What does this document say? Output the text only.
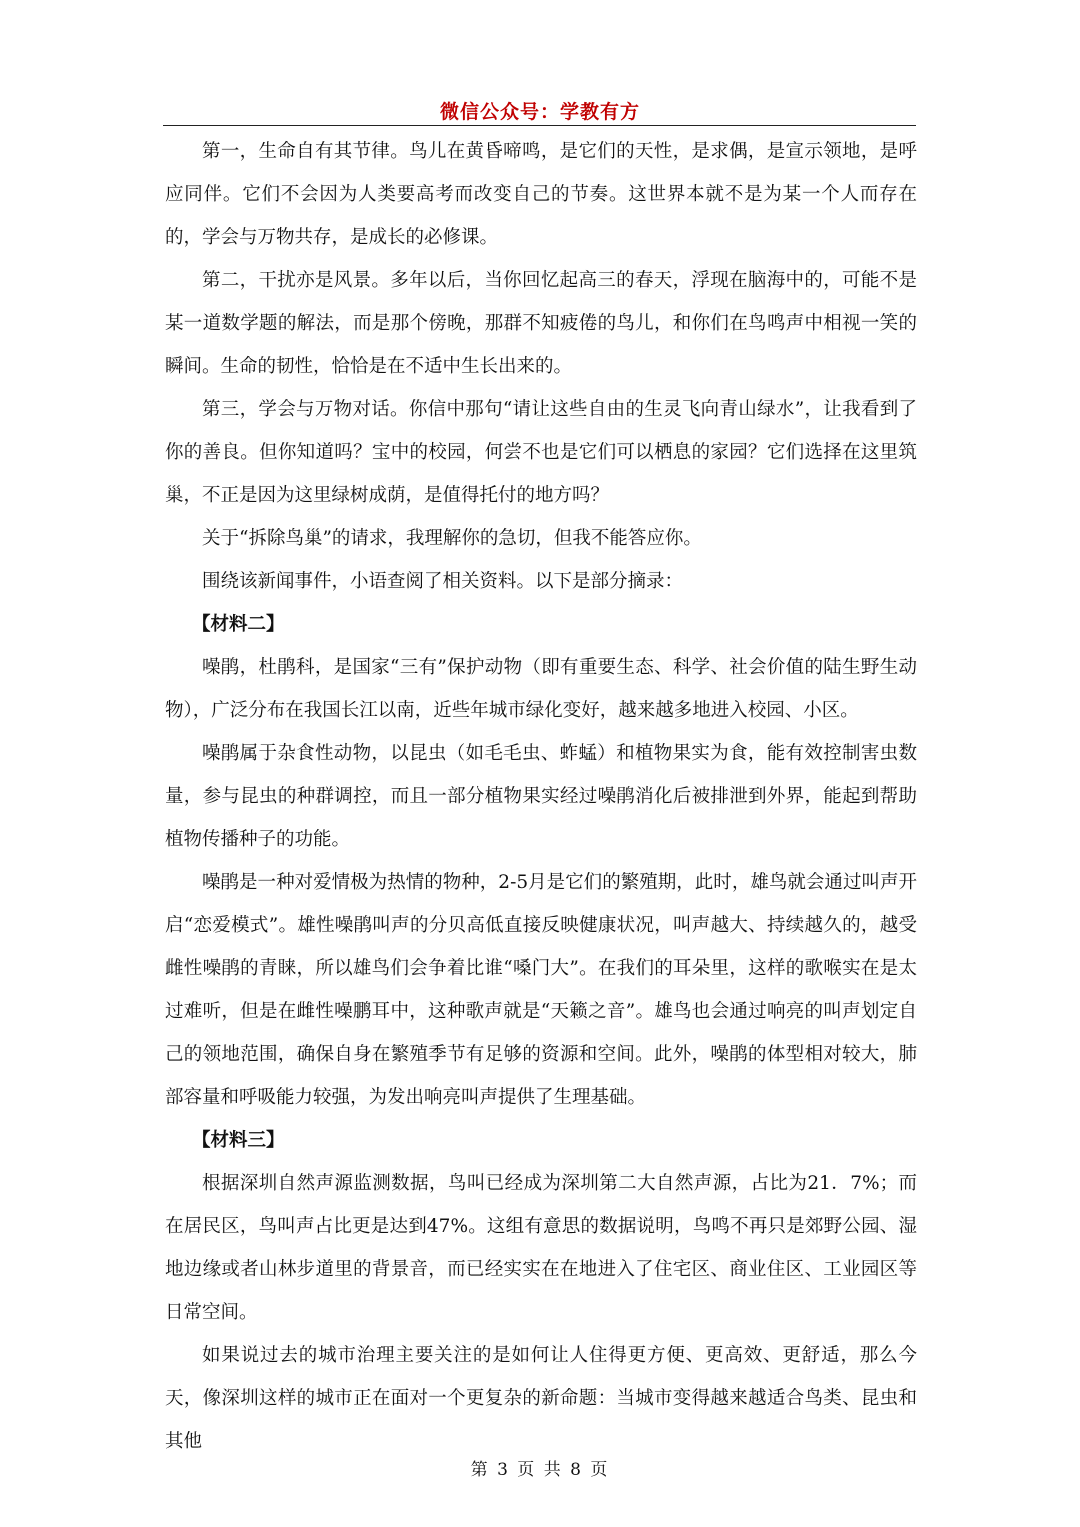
微信公众号：学教有方

第一，生命自有其节律。鸟儿在黄昏啼鸣，是它们的天性，是求偶，是宣示领地，是呼应同伴。它们不会因为人类要高考而改变自己的节奏。这世界本就不是为某一个人而存在的，学会与万物共存，是成长的必修课。

第二，干扰亦是风景。多年以后，当你回忆起高三的春天，浮现在脑海中的，可能不是某一道数学题的解法，而是那个傍晚，那群不知疲倦的鸟儿，和你们在鸟鸣声中相视一笑的瞬间。生命的韧性，恰恰是在不适中生长出来的。

第三，学会与万物对话。你信中那句“请让这些自由的生灵飞向青山绿水”，让我看到了你的善良。但你知道吗？宝中的校园，何尝不也是它们可以栖息的家园？它们选择在这里筑巢，不正是因为这里绿树成荫，是值得托付的地方吗？

关于“拆除鸟巢”的请求，我理解你的急切，但我不能答应你。

围绕该新闻事件，小语查阅了相关资料。以下是部分摘录：

【材料二】

噪鹃，杜鹃科，是国家“三有”保护动物（即有重要生态、科学、社会价值的陆生野生动物），广泛分布在我国长江以南，近些年城市绿化变好，越来越多地进入校园、小区。

噪鹃属于杂食性动物，以昆虫（如毛毛虫、蚱蜢）和植物果实为食，能有效控制害虫数量，参与昆虫的种群调控，而且一部分植物果实经过噪鹃消化后被排泄到外界，能起到帮助植物传播种子的功能。

噪鹃是一种对爱情极为热情的物种，2-5月是它们的繁殖期，此时，雄鸟就会通过叫声开启“恋爱模式”。雄性噪鹃叫声的分贝高低直接反映健康状况，叫声越大、持续越久的，越受雌性噪鹃的青睐，所以雄鸟们会争着比谁“嗓门大”。在我们的耳朵里，这样的歌喉实在是太过难听，但是在雌性噪鹏耳中，这种歌声就是“天籁之音”。雄鸟也会通过响亮的叫声划定自己的领地范围，确保自身在繁殖季节有足够的资源和空间。此外，噪鹃的体型相对较大，肺部容量和呼吸能力较强，为发出响亮叫声提供了生理基础。

【材料三】

根据深圳自然声源监测数据，鸟叫已经成为深圳第二大自然声源，占比为21．7%；而在居民区，鸟叫声占比更是达到47%。这组有意思的数据说明，鸟鸣不再只是郊野公园、湿地边缘或者山林步道里的背景音，而已经实实在在地进入了住宅区、商业住区、工业园区等日常空间。

如果说过去的城市治理主要关注的是如何让人住得更方便、更高效、更舒适，那么今天，像深圳这样的城市正在面对一个更复杂的新命题：当城市变得越来越适合鸟类、昆虫和其他

第 3 页 共 8 页
